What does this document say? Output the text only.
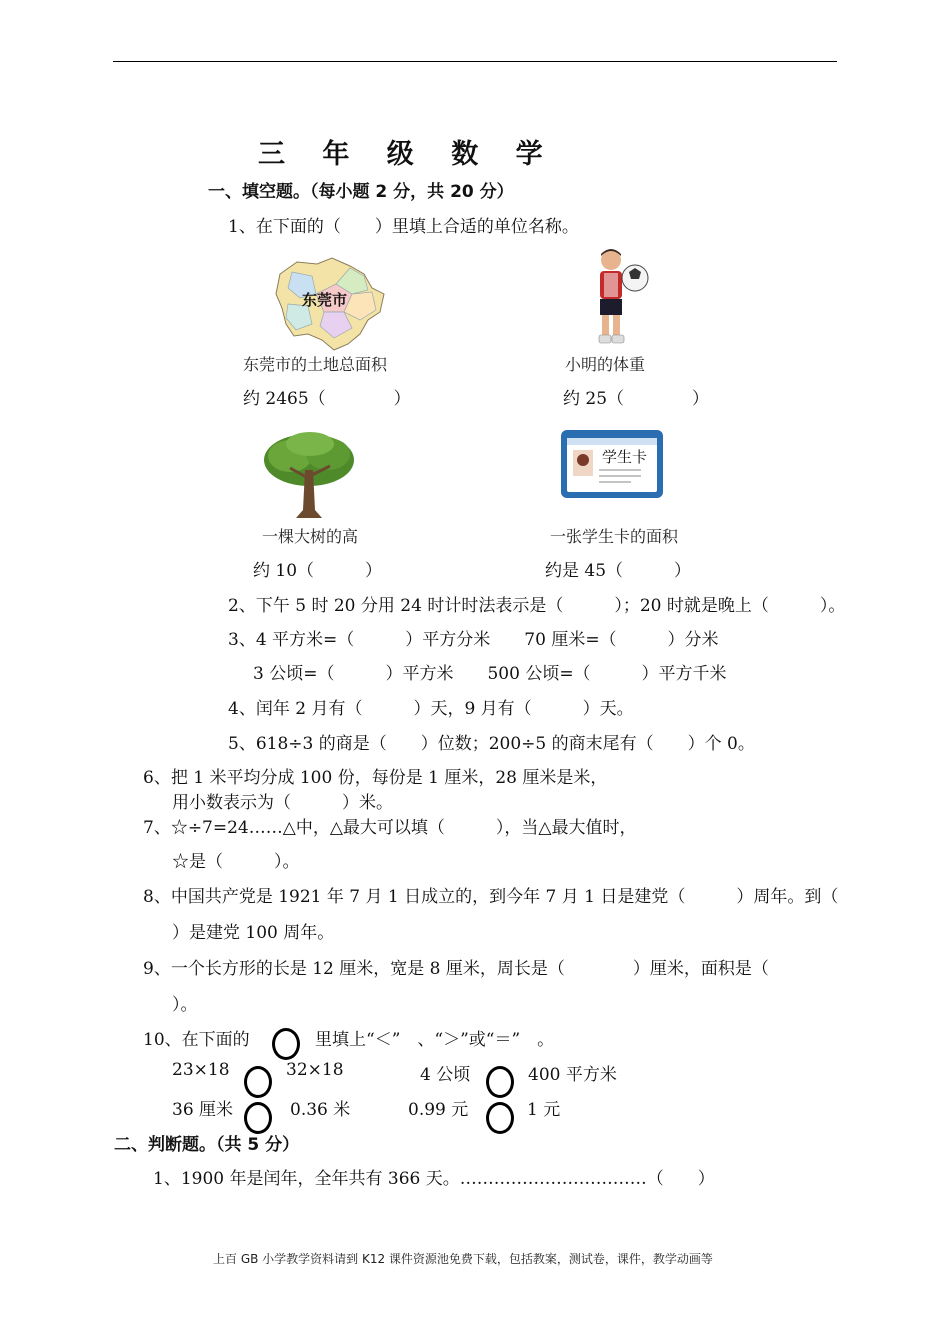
三 年 级 数 学
一、填空题。（每小题 2 分，共 20 分）
1、在下面的（　　）里填上合适的单位名称。
东莞市
东莞市的土地总面积
约 2465（　　　　）
小明的体重
约 25（　　　　）
一棵大树的高
约 10（　　　）
学生卡
一张学生卡的面积
约是 45（　　　）
2、下午 5 时 20 分用 24 时计时法表示是（　　　）；20 时就是晚上（　　　）。
3、4 平方米=（　　　）平方分米　　70 厘米=（　　　）分米
3 公顷=（　　　）平方米　　500 公顷=（　　　）平方千米
4、闰年 2 月有（　　　）天，9 月有（　　　）天。
5、618÷3 的商是（　　）位数；200÷5 的商末尾有（　　）个 0。
6、把 1 米平均分成 100 份，每份是 1 厘米，28 厘米是米，
用小数表示为（　　　）米。
7、☆÷7=24……△中，△最大可以填（　　　），当△最大值时，
☆是（　　　）。
8、中国共产党是 1921 年 7 月 1 日成立的，到今年 7 月 1 日是建党（　　　）周年。到（
）是建党 100 周年。
9、一个长方形的长是 12 厘米，宽是 8 厘米，周长是（　　　　）厘米，面积是（
）。
10、在下面的	里填上“＜”　、“＞”或“＝”　。
23×18	32×18	4 公顷	400 平方米
36 厘米	0.36 米	0.99 元	1 元
二、判断题。（共 5 分）
1、1900 年是闰年，全年共有 366 天。……………………………（　　）
上百 GB 小学教学资料请到 K12 课件资源池免费下载，包括教案，测试卷，课件，教学动画等
